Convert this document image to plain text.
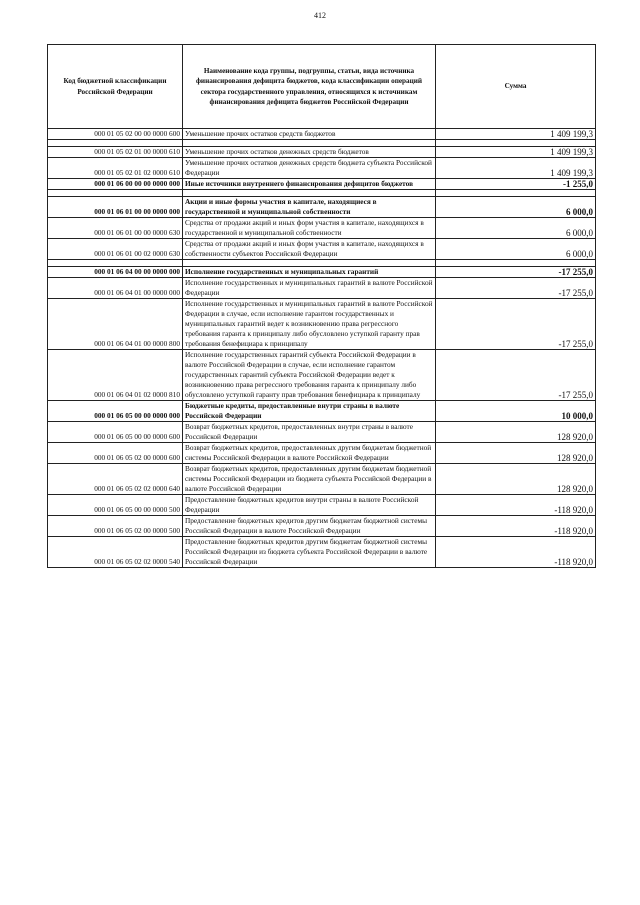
412
Код бюджетной классификации Российской Федерации	Наименование кода группы, подгруппы, статьи, вида источника финансирования дефицита бюджетов, кода классификации операций сектора государственного управления, относящихся к источникам финансирования дефицита бюджетов Российской Федерации	Сумма
000 01 05 02 00 00 0000 600	Уменьшение прочих остатков средств бюджетов	1 409 199,3

000 01 05 02 01 00 0000 610	Уменьшение прочих остатков денежных средств бюджетов	1 409 199,3
000 01 05 02 01 02 0000 610	Уменьшение прочих остатков денежных средств бюджета субъекта Российской Федерации	1 409 199,3
000 01 06 00 00 00 0000 000	Иные источники внутреннего финансирования дефицитов бюджетов	-1 255,0

000 01 06 01 00 00 0000 000	Акции и иные формы участия в капитале, находящиеся в государственной и муниципальной собственности	6 000,0
000 01 06 01 00 00 0000 630	Средства от продажи акций и иных форм участия в капитале, находящихся в государственной и муниципальной собственности	6 000,0
000 01 06 01 00 02 0000 630	Средства от продажи акций и иных форм участия в капитале, находящихся в собственности субъектов Российской Федерации	6 000,0

000 01 06 04 00 00 0000 000	Исполнение государственных и муниципальных гарантий	-17 255,0
000 01 06 04 01 00 0000 000	Исполнение государственных и муниципальных гарантий в валюте Российской Федерации	-17 255,0
000 01 06 04 01 00 0000 800	Исполнение государственных и муниципальных гарантий в валюте Российской Федерации в случае, если исполнение гарантом государственных и муниципальных гарантий ведет к возникновению права регрессного требования гаранта к принципалу либо обусловлено уступкой гаранту прав требования бенефициара к принципалу	-17 255,0
000 01 06 04 01 02 0000 810	Исполнение государственных гарантий субъекта Российской Федерации в валюте Российской Федерации в случае, если исполнение гарантом государственных гарантий субъекта Российской Федерации ведет к возникновению права регрессного требования гаранта к принципалу либо обусловлено уступкой гаранту прав требования бенефициара к принципалу	-17 255,0
000 01 06 05 00 00 0000 000	Бюджетные кредиты, предоставленные внутри страны в валюте Российской Федерации	10 000,0
000 01 06 05 00 00 0000 600	Возврат бюджетных кредитов, предоставленных внутри страны в валюте Российской Федерации	128 920,0
000 01 06 05 02 00 0000 600	Возврат бюджетных кредитов, предоставленных другим бюджетам бюджетной системы Российской Федерации в валюте Российской Федерации	128 920,0
000 01 06 05 02 02 0000 640	Возврат бюджетных кредитов, предоставленных другим бюджетам бюджетной системы Российской Федерации из бюджета субъекта Российской Федерации в валюте Российской Федерации	128 920,0
000 01 06 05 00 00 0000 500	Предоставление бюджетных кредитов внутри страны в валюте Российской Федерации	-118 920,0
000 01 06 05 02 00 0000 500	Предоставление бюджетных кредитов другим бюджетам бюджетной системы Российской Федерации в валюте Российской Федерации	-118 920,0
000 01 06 05 02 02 0000 540	Предоставление бюджетных кредитов другим бюджетам бюджетной системы Российской Федерации из бюджета субъекта Российской Федерации в валюте Российской Федерации	-118 920,0
